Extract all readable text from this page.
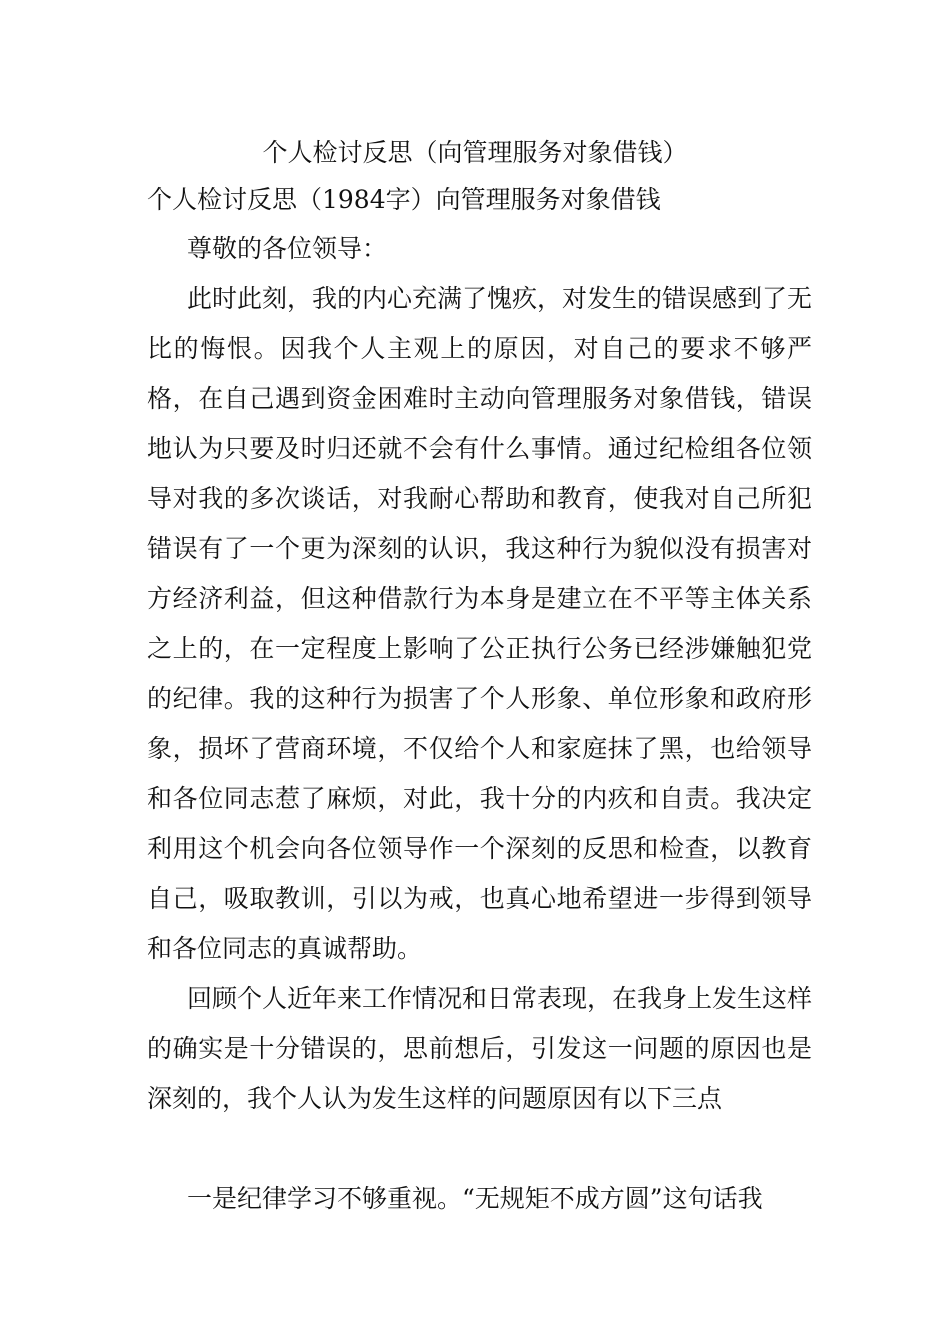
个人检讨反思（向管理服务对象借钱）

个人检讨反思（1984字）向管理服务对象借钱

尊敬的各位领导：

此时此刻，我的内心充满了愧疚，对发生的错误感到了无比的悔恨。因我个人主观上的原因，对自己的要求不够严格，在自己遇到资金困难时主动向管理服务对象借钱，错误地认为只要及时归还就不会有什么事情。通过纪检组各位领导对我的多次谈话，对我耐心帮助和教育，使我对自己所犯错误有了一个更为深刻的认识，我这种行为貌似没有损害对方经济利益，但这种借款行为本身是建立在不平等主体关系之上的，在一定程度上影响了公正执行公务已经涉嫌触犯党的纪律。我的这种行为损害了个人形象、单位形象和政府形象，损坏了营商环境，不仅给个人和家庭抹了黑，也给领导和各位同志惹了麻烦，对此，我十分的内疚和自责。我决定利用这个机会向各位领导作一个深刻的反思和检查，以教育自己，吸取教训，引以为戒，也真心地希望进一步得到领导和各位同志的真诚帮助。

回顾个人近年来工作情况和日常表现，在我身上发生这样的确实是十分错误的，思前想后，引发这一问题的原因也是深刻的，我个人认为发生这样的问题原因有以下三点

一是纪律学习不够重视。“无规矩不成方圆”这句话我
